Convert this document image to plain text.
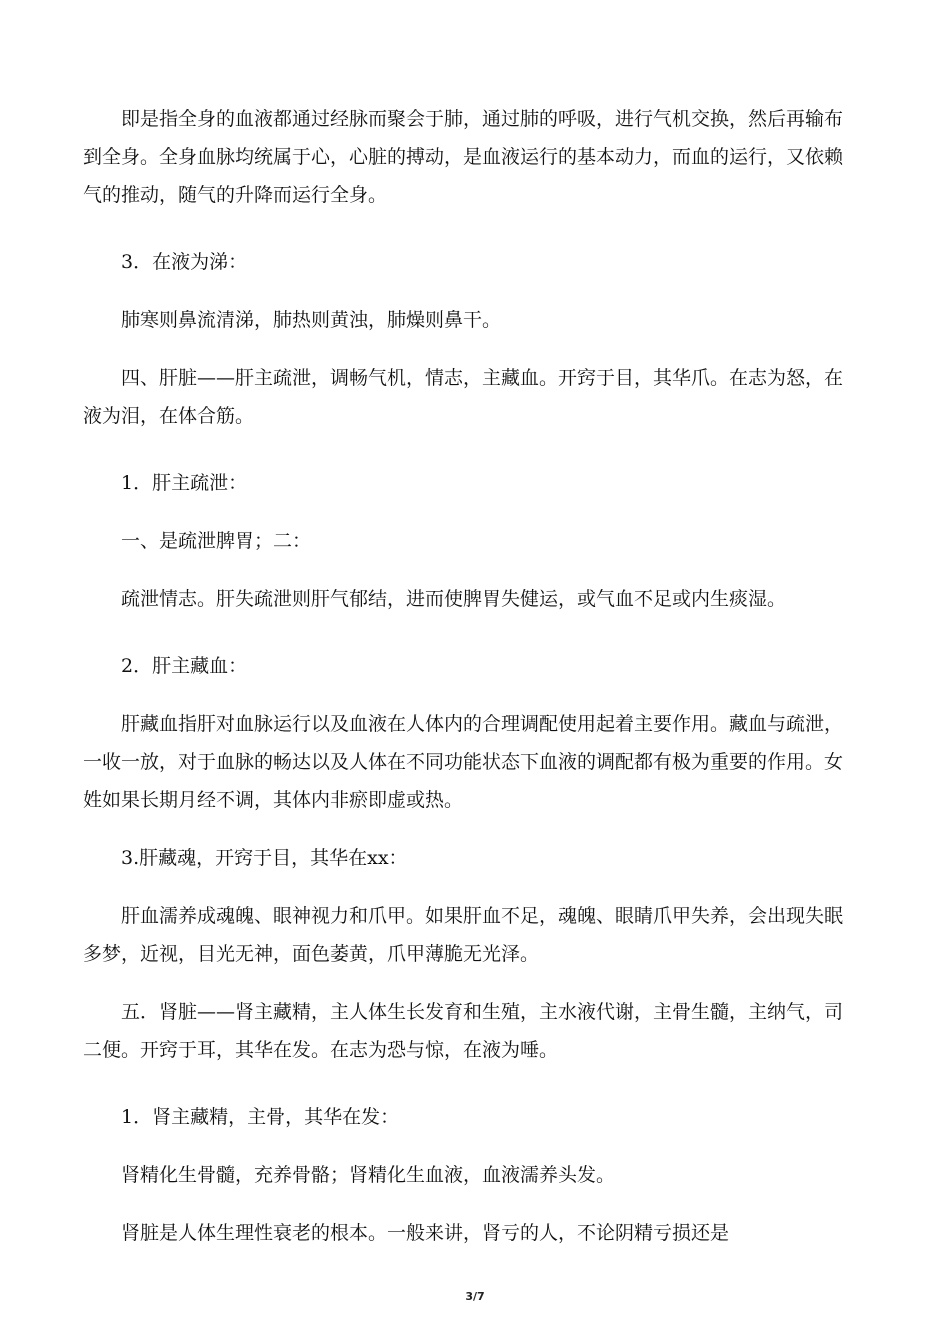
即是指全身的血液都通过经脉而聚会于肺，通过肺的呼吸，进行气机交换，然后再输布到全身。全身血脉均统属于心，心脏的搏动，是血液运行的基本动力，而血的运行，又依赖气的推动，随气的升降而运行全身。

3．在液为涕：

肺寒则鼻流清涕，肺热则黄浊，肺燥则鼻干。

四、肝脏——肝主疏泄，调畅气机，情志，主藏血。开窍于目，其华爪。在志为怒，在液为泪，在体合筋。

1．肝主疏泄：

一、是疏泄脾胃；二：

疏泄情志。肝失疏泄则肝气郁结，进而使脾胃失健运，或气血不足或内生痰湿。

2．肝主藏血：

肝藏血指肝对血脉运行以及血液在人体内的合理调配使用起着主要作用。藏血与疏泄，一收一放，对于血脉的畅达以及人体在不同功能状态下血液的调配都有极为重要的作用。女姓如果长期月经不调，其体内非瘀即虚或热。

3.肝藏魂，开窍于目，其华在xx：

肝血濡养成魂魄、眼神视力和爪甲。如果肝血不足，魂魄、眼睛爪甲失养，会出现失眠多梦，近视，目光无神，面色萎黄，爪甲薄脆无光泽。

五．肾脏——肾主藏精，主人体生长发育和生殖，主水液代谢，主骨生髓，主纳气，司二便。开窍于耳，其华在发。在志为恐与惊，在液为唾。

1．肾主藏精，主骨，其华在发：

肾精化生骨髓，充养骨骼；肾精化生血液，血液濡养头发。

肾脏是人体生理性衰老的根本。一般来讲，肾亏的人，不论阴精亏损还是

3/7
